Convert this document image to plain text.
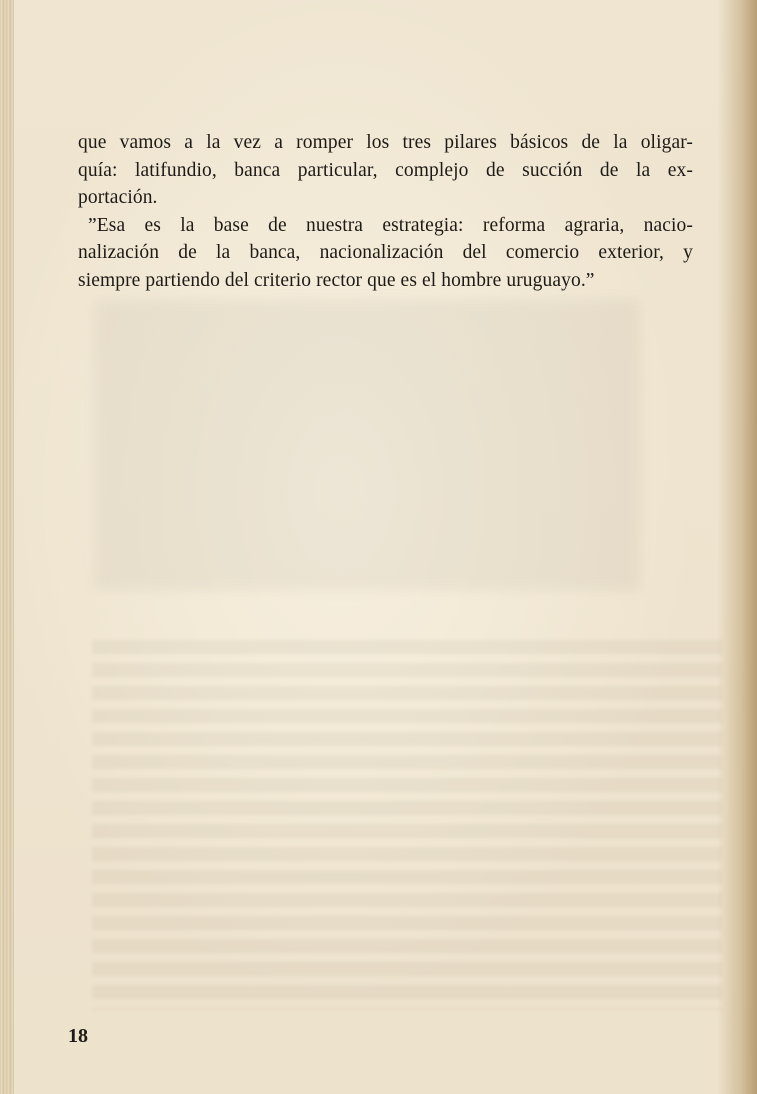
que vamos a la vez a romper los tres pilares básicos de la oligar-
quía: latifundio, banca particular, complejo de succión de la ex-
portación.

”Esa es la base de nuestra estrategia: reforma agraria, nacio-
nalización de la banca, nacionalización del comercio exterior, y
siempre partiendo del criterio rector que es el hombre uruguayo.”

18
